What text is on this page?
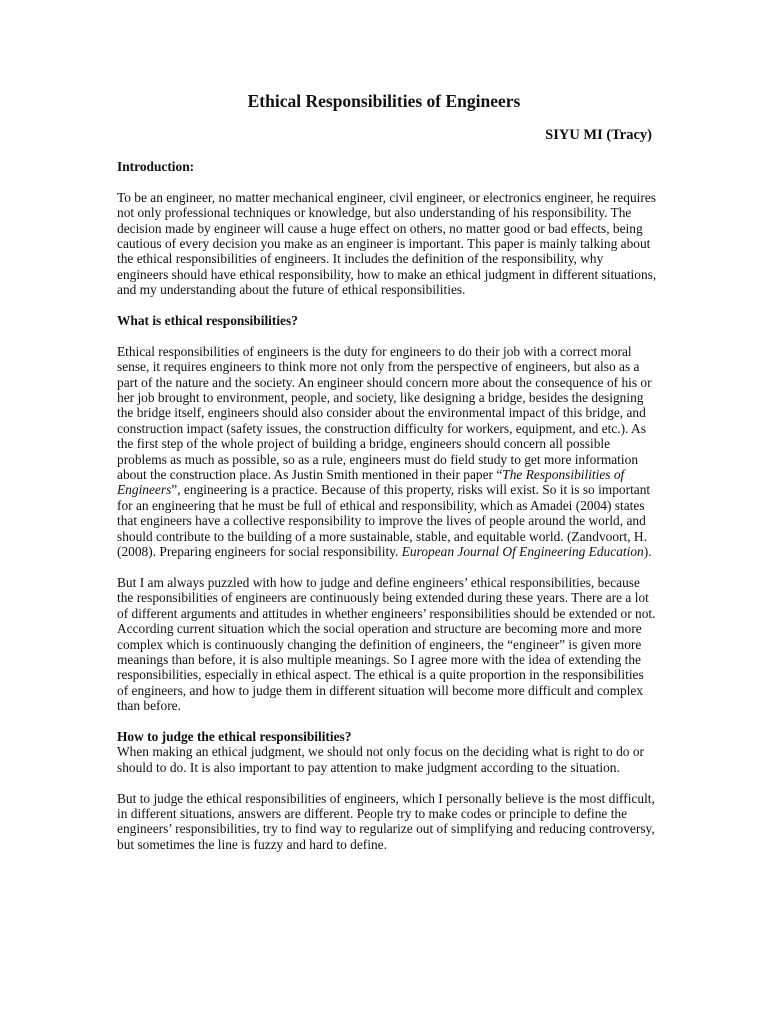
Ethical Responsibilities of Engineers

SIYU MI (Tracy)

Introduction:

To be an engineer, no matter mechanical engineer, civil engineer, or electronics engineer, he requires not only professional techniques or knowledge, but also understanding of his responsibility. The decision made by engineer will cause a huge effect on others, no matter good or bad effects, being cautious of every decision you make as an engineer is important. This paper is mainly talking about the ethical responsibilities of engineers. It includes the definition of the responsibility, why engineers should have ethical responsibility, how to make an ethical judgment in different situations, and my understanding about the future of ethical responsibilities.

What is ethical responsibilities?

Ethical responsibilities of engineers is the duty for engineers to do their job with a correct moral sense, it requires engineers to think more not only from the perspective of engineers, but also as a part of the nature and the society. An engineer should concern more about the consequence of his or her job brought to environment, people, and society, like designing a bridge, besides the designing the bridge itself, engineers should also consider about the environmental impact of this bridge, and construction impact (safety issues, the construction difficulty for workers, equipment, and etc.). As the first step of the whole project of building a bridge, engineers should concern all possible problems as much as possible, so as a rule, engineers must do field study to get more information about the construction place. As Justin Smith mentioned in their paper “The Responsibilities of Engineers”, engineering is a practice. Because of this property, risks will exist. So it is so important for an engineering that he must be full of ethical and responsibility, which as Amadei (2004) states that engineers have a collective responsibility to improve the lives of people around the world, and should contribute to the building of a more sustainable, stable, and equitable world. (Zandvoort, H. (2008). Preparing engineers for social responsibility. European Journal Of Engineering Education).

But I am always puzzled with how to judge and define engineers’ ethical responsibilities, because the responsibilities of engineers are continuously being extended during these years. There are a lot of different arguments and attitudes in whether engineers’ responsibilities should be extended or not. According current situation which the social operation and structure are becoming more and more complex which is continuously changing the definition of engineers, the “engineer” is given more meanings than before, it is also multiple meanings. So I agree more with the idea of extending the responsibilities, especially in ethical aspect. The ethical is a quite proportion in the responsibilities of engineers, and how to judge them in different situation will become more difficult and complex than before.

How to judge the ethical responsibilities?

When making an ethical judgment, we should not only focus on the deciding what is right to do or should to do. It is also important to pay attention to make judgment according to the situation.

But to judge the ethical responsibilities of engineers, which I personally believe is the most difficult, in different situations, answers are different. People try to make codes or principle to define the engineers’ responsibilities, try to find way to regularize out of simplifying and reducing controversy, but sometimes the line is fuzzy and hard to define.
